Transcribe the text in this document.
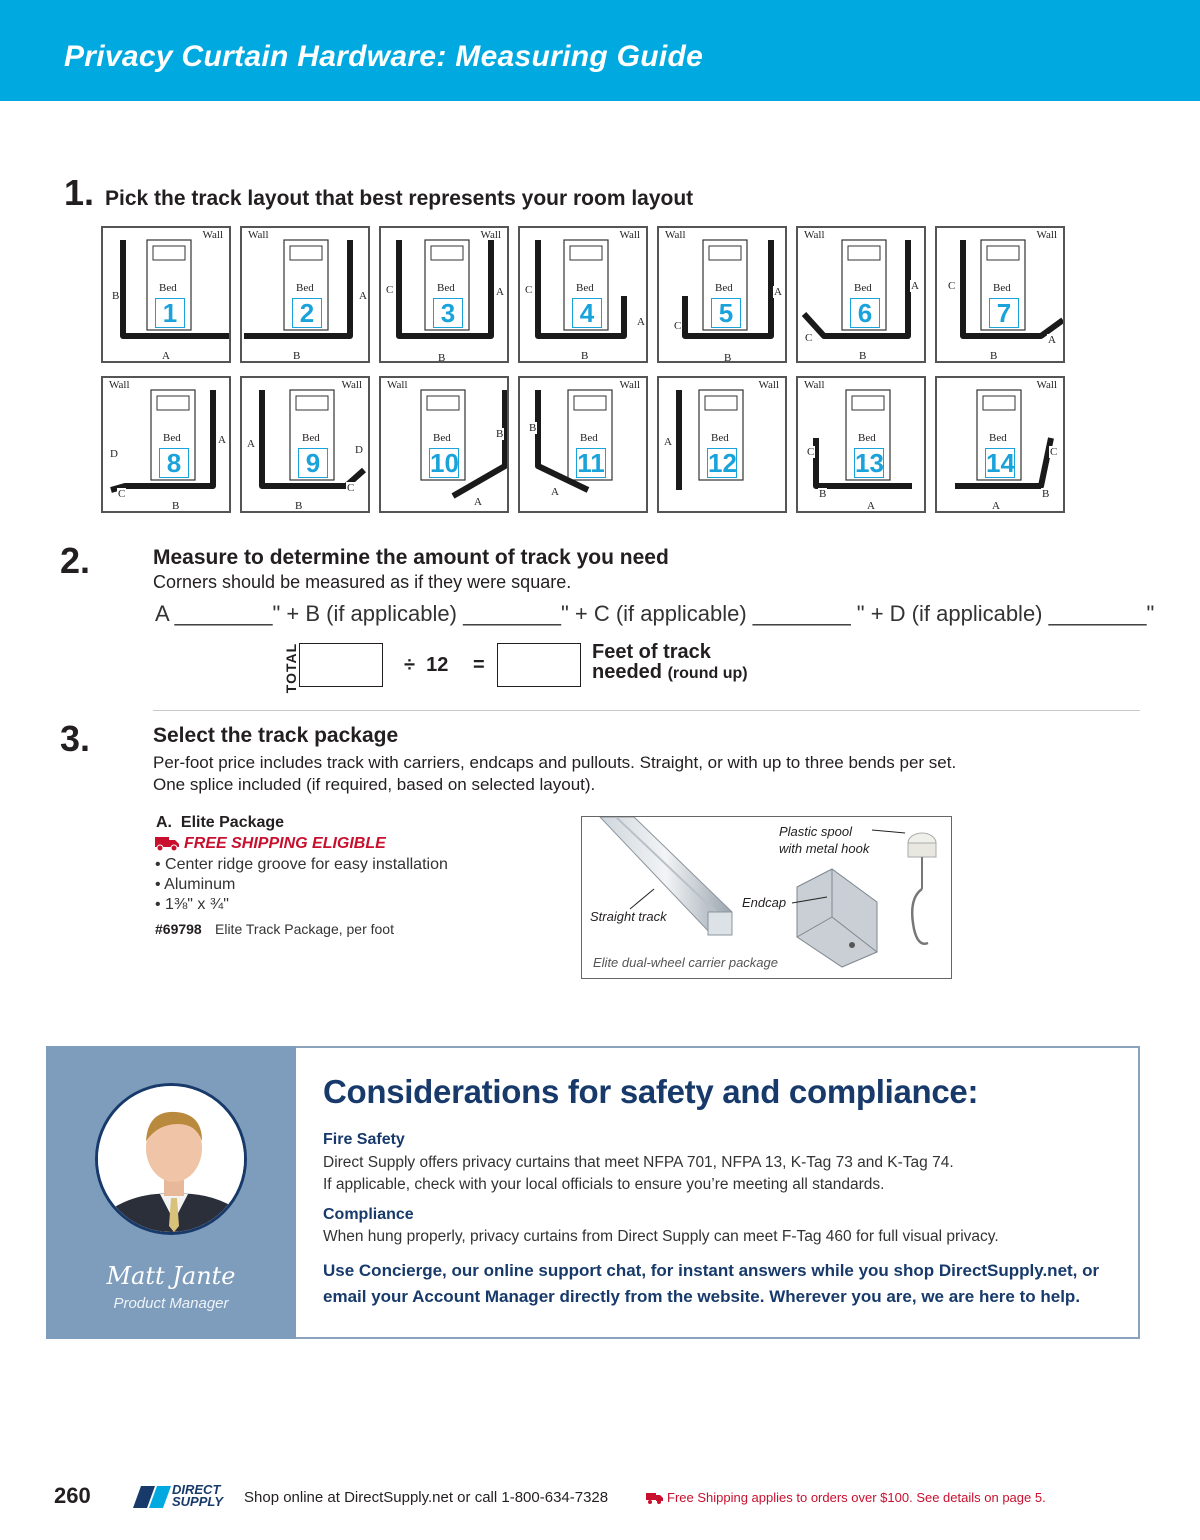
Privacy Curtain Hardware: Measuring Guide
1. Pick the track layout that best represents your room layout
Wall
Bed
1
B
A
Wall
Bed
2
A
B
Wall
Bed
3
C	A
B
Wall
Bed
4
C
A
B
Wall
Bed
5
C
A
B
Wall
Bed
6
C
A
B
Wall
Bed
7
C
A
B
Wall
Bed
8
D
C
B
A
Wall
Bed
9
A	D
C
B
Wall
Bed
10
B
A
Wall
Bed
11
B
A
Wall
Bed
12
A
Wall
Bed
13
C
B
A
Wall
Bed
14	C
B
A
2.	Measure to determine the amount of track you need
Corners should be measured as if they were square.
A ________" + B (if applicable) ________" + C (if applicable) ________ " + D (if applicable) ________"
TOTAL	÷  12 =
Feet of track
needed (round up)
3.	Select the track package
Per-foot price includes track with carriers, endcaps and pullouts. Straight, or with up to three bends per set.
One splice included (if required, based on selected layout).
A.  Elite Package
FREE SHIPPING ELIGIBLE
• Center ridge groove for easy installation
• Aluminum
• 1⅜" x ¾"
#69798 Elite Track Package, per foot
Plastic spool
with metal hook
Endcap
Straight track
Elite dual-wheel carrier package
Matt Jante
Product Manager
Considerations for safety and compliance:
Fire Safety
Direct Supply offers privacy curtains that meet NFPA 701, NFPA 13, K-Tag 73 and K-Tag 74.
If applicable, check with your local officials to ensure you’re meeting all standards.
Compliance
When hung properly, privacy curtains from Direct Supply can meet F-Tag 460 for full visual privacy.
Use Concierge, our online support chat, for instant answers while you shop DirectSupply.net, or
email your Account Manager directly from the website. Wherever you are, we are here to help.
260	DIRECT
SUPPLY Shop online at DirectSupply.net or call 1-800-634-7328	Free Shipping applies to orders over $100. See details on page 5.
